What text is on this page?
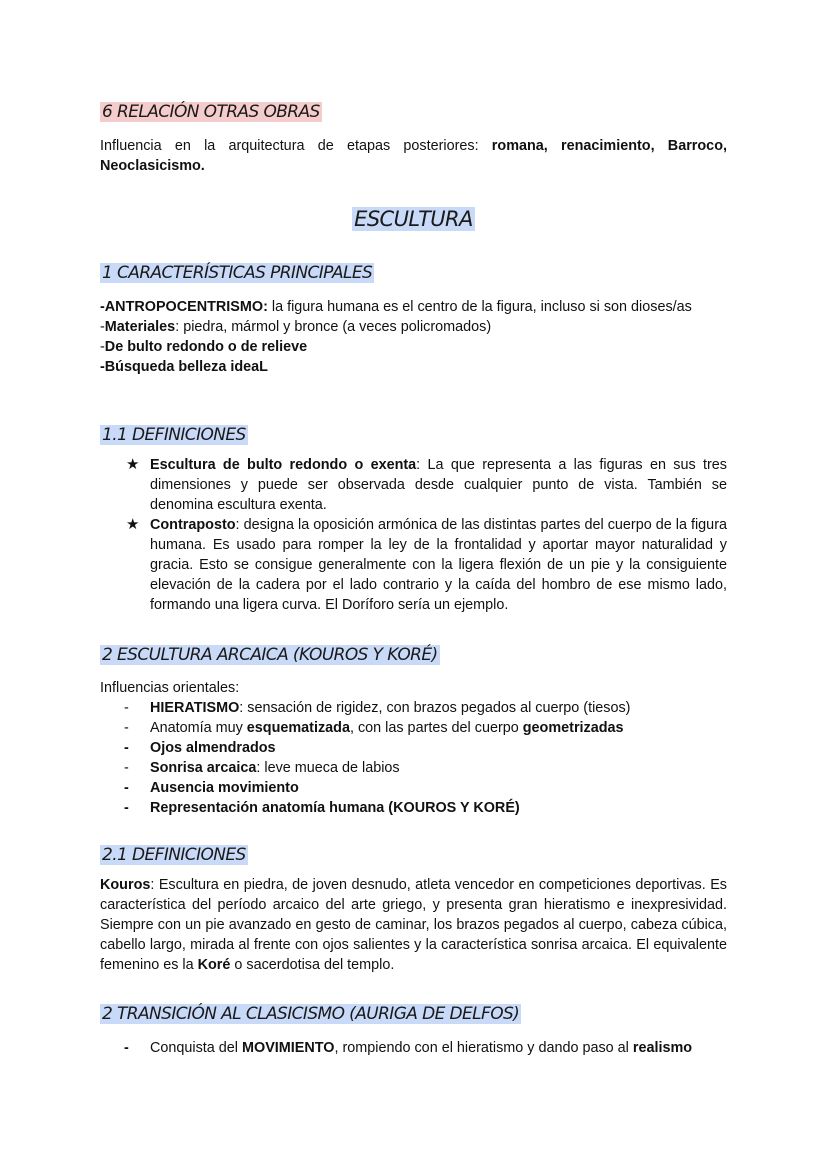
6 RELACIÓN OTRAS OBRAS

Influencia en la arquitectura de etapas posteriores: romana, renacimiento, Barroco, Neoclasicismo.

ESCULTURA
1 CARACTERÍSTICAS PRINCIPALES

-ANTROPOCENTRISMO: la figura humana es el centro de la figura, incluso si son dioses/as

-Materiales: piedra, mármol y bronce (a veces policromados)

-De bulto redondo o de relieve

-Búsqueda belleza ideaL

1.1 DEFINICIONES
★ Escultura de bulto redondo o exenta: La que representa a las figuras en sus tres dimensiones y puede ser observada desde cualquier punto de vista. También se denomina escultura exenta.
★ Contraposto: designa la oposición armónica de las distintas partes del cuerpo de la figura humana. Es usado para romper la ley de la frontalidad y aportar mayor naturalidad y gracia. Esto se consigue generalmente con la ligera flexión de un pie y la consiguiente elevación de la cadera por el lado contrario y la caída del hombro de ese mismo lado, formando una ligera curva. El Doríforo sería un ejemplo.
2 ESCULTURA ARCAICA (KOUROS Y KORÉ)

Influencias orientales:

- HIERATISMO: sensación de rigidez, con brazos pegados al cuerpo (tiesos)
- Anatomía muy esquematizada, con las partes del cuerpo geometrizadas
- Ojos almendrados
- Sonrisa arcaica: leve mueca de labios
- Ausencia movimiento
- Representación anatomía humana (KOUROS Y KORÉ)
2.1 DEFINICIONES

Kouros: Escultura en piedra, de joven desnudo, atleta vencedor en competiciones deportivas. Es característica del período arcaico del arte griego, y presenta gran hieratismo e inexpresividad. Siempre con un pie avanzado en gesto de caminar, los brazos pegados al cuerpo, cabeza cúbica, cabello largo, mirada al frente con ojos salientes y la característica sonrisa arcaica. El equivalente femenino es la Koré o sacerdotisa del templo.

2 TRANSICIÓN AL CLASICISMO (AURIGA DE DELFOS)
- Conquista del MOVIMIENTO, rompiendo con el hieratismo y dando paso al realismo
